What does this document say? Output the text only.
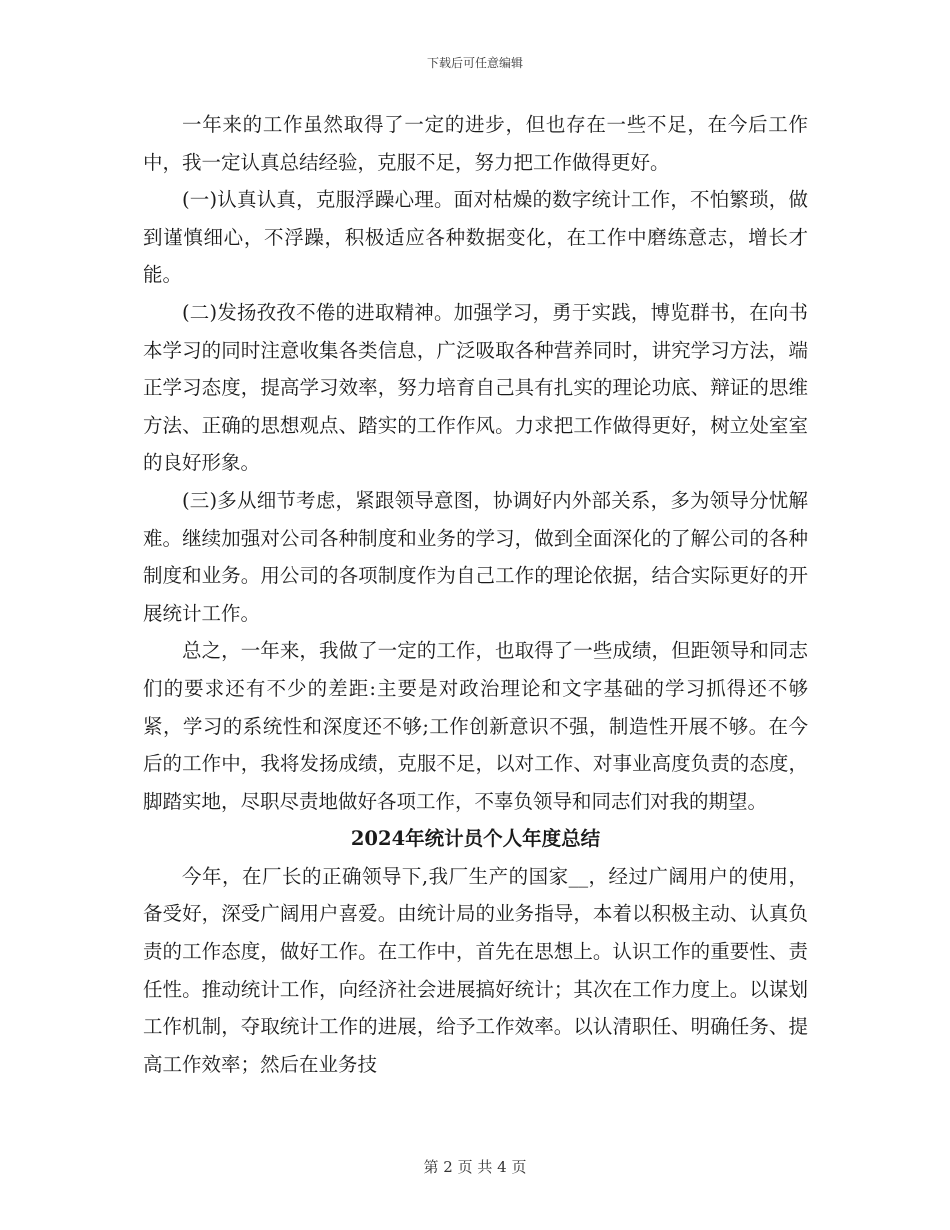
下载后可任意编辑

一年来的工作虽然取得了一定的进步，但也存在一些不足，在今后工作中，我一定认真总结经验，克服不足，努力把工作做得更好。

(一)认真认真，克服浮躁心理。面对枯燥的数字统计工作，不怕繁琐，做到谨慎细心，不浮躁，积极适应各种数据变化，在工作中磨练意志，增长才能。

(二)发扬孜孜不倦的进取精神。加强学习，勇于实践，博览群书，在向书本学习的同时注意收集各类信息，广泛吸取各种营养同时，讲究学习方法，端正学习态度，提高学习效率，努力培育自己具有扎实的理论功底、辩证的思维方法、正确的思想观点、踏实的工作作风。力求把工作做得更好，树立处室室的良好形象。

(三)多从细节考虑，紧跟领导意图，协调好内外部关系，多为领导分忧解难。继续加强对公司各种制度和业务的学习，做到全面深化的了解公司的各种制度和业务。用公司的各项制度作为自己工作的理论依据，结合实际更好的开展统计工作。

总之，一年来，我做了一定的工作，也取得了一些成绩，但距领导和同志们的要求还有不少的差距:主要是对政治理论和文字基础的学习抓得还不够紧，学习的系统性和深度还不够;工作创新意识不强，制造性开展不够。在今后的工作中，我将发扬成绩，克服不足，以对工作、对事业高度负责的态度，脚踏实地，尽职尽责地做好各项工作，不辜负领导和同志们对我的期望。

2024年统计员个人年度总结

今年，在厂长的正确领导下,我厂生产的国家__，经过广阔用户的使用，备受好，深受广阔用户喜爱。由统计局的业务指导，本着以积极主动、认真负责的工作态度，做好工作。在工作中，首先在思想上。认识工作的重要性、责任性。推动统计工作，向经济社会进展搞好统计；其次在工作力度上。以谋划工作机制，夺取统计工作的进展，给予工作效率。以认清职任、明确任务、提高工作效率；然后在业务技

第 2 页 共 4 页
